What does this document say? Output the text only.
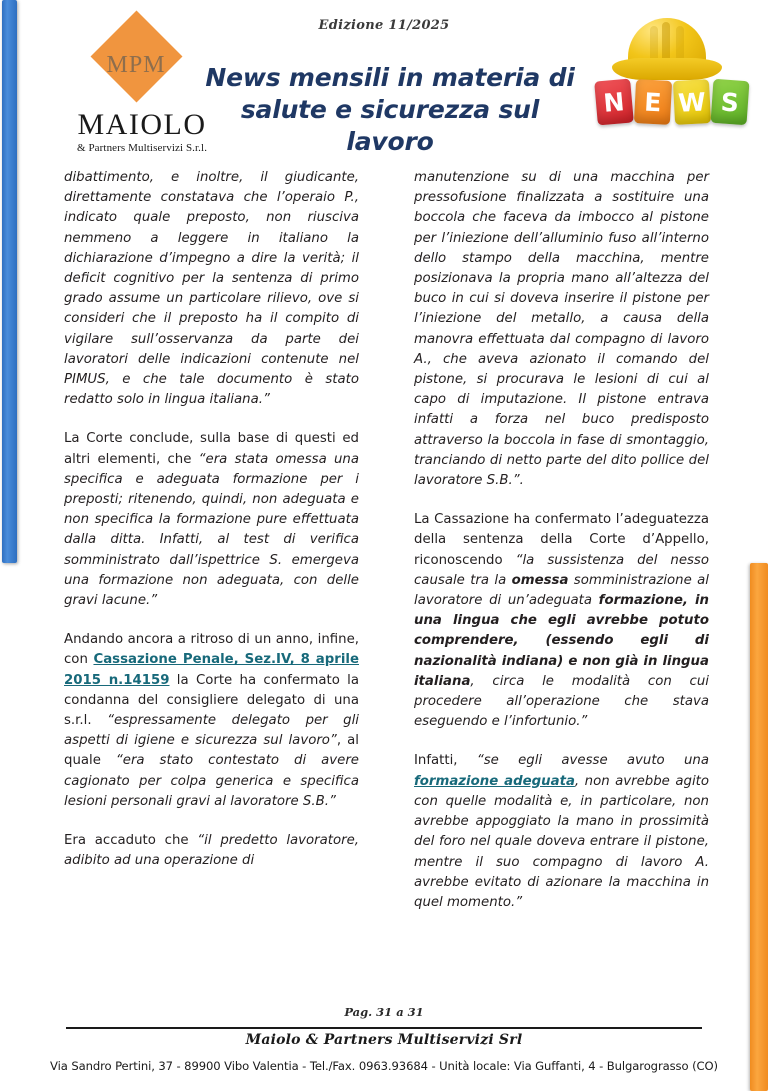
Edizione 11/2025
MPM
MAIOLO
& Partners Multiservizi S.r.l.
News mensili in materia di salute e sicurezza sul lavoro
N E W S

dibattimento, e inoltre, il giudicante, direttamente constatava che l’operaio P., indicato quale preposto, non riusciva nemmeno a leggere in italiano la dichiarazione d’impegno a dire la verità; il deficit cognitivo per la sentenza di primo grado assume un particolare rilievo, ove si consideri che il preposto ha il compito di vigilare sull’osservanza da parte dei lavoratori delle indicazioni contenute nel PIMUS, e che tale documento è stato redatto solo in lingua italiana.”

La Corte conclude, sulla base di questi ed altri elementi, che “era stata omessa una specifica e adeguata formazione per i preposti; ritenendo, quindi, non adeguata e non specifica la formazione pure effettuata dalla ditta. Infatti, al test di verifica somministrato dall’ispettrice S. emergeva una formazione non adeguata, con delle gravi lacune.”

Andando ancora a ritroso di un anno, infine, con Cassazione Penale, Sez.IV, 8 aprile 2015 n.14159 la Corte ha confermato la condanna del consigliere delegato di una s.r.l. “espressamente delegato per gli aspetti di igiene e sicurezza sul lavoro”, al quale “era stato contestato di avere cagionato per colpa generica e specifica lesioni personali gravi al lavoratore S.B.”

Era accaduto che “il predetto lavoratore, adibito ad una operazione di

manutenzione su di una macchina per pressofusione finalizzata a sostituire una boccola che faceva da imbocco al pistone per l’iniezione dell’alluminio fuso all’interno dello stampo della macchina, mentre posizionava la propria mano all’altezza del buco in cui si doveva inserire il pistone per l’iniezione del metallo, a causa della manovra effettuata dal compagno di lavoro A., che aveva azionato il comando del pistone, si procurava le lesioni di cui al capo di imputazione. Il pistone entrava infatti a forza nel buco predisposto attraverso la boccola in fase di smontaggio, tranciando di netto parte del dito pollice del lavoratore S.B.”.

La Cassazione ha confermato l’adeguatezza della sentenza della Corte d’Appello, riconoscendo “la sussistenza del nesso causale tra la omessa somministrazione al lavoratore di un’adeguata formazione, in una lingua che egli avrebbe potuto comprendere, (essendo egli di nazionalità indiana) e non già in lingua italiana, circa le modalità con cui procedere all’operazione che stava eseguendo e l’infortunio.”

Infatti, “se egli avesse avuto una formazione adeguata, non avrebbe agito con quelle modalità e, in particolare, non avrebbe appoggiato la mano in prossimità del foro nel quale doveva entrare il pistone, mentre il suo compagno di lavoro A. avrebbe evitato di azionare la macchina in quel momento.”

Pag. 31 a 31
Maiolo & Partners Multiservizi Srl
Via Sandro Pertini, 37 - 89900 Vibo Valentia - Tel./Fax. 0963.93684 - Unità locale: Via Guffanti, 4 - Bulgarograsso (CO)
